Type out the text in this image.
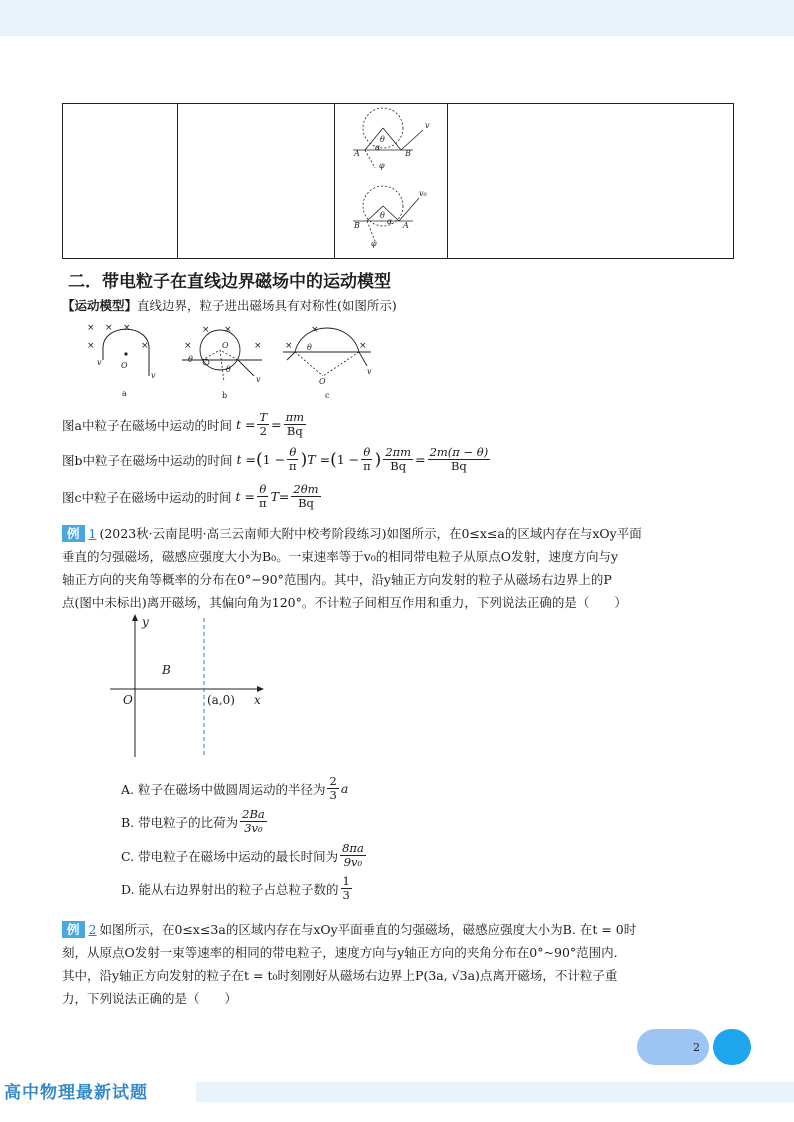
A	B
θ
α
φ
v
θ
B	A
α
φ
v₀
二．带电粒子在直线边界磁场中的运动模型
【运动模型】直线边界，粒子进出磁场具有对称性(如图所示)
× × ×
×	×
O
v
v
a
×	×
× ×
O
θ
θ
v
b
×	×
×
θ
O
v
c
图a中粒子在磁场中运动的时间
t
= $\frac{T}{2} = \frac{\pi m}{Bq}$
图b中粒子在磁场中运动的时间
t
= ( $1 - \frac{\theta}{\pi}$ ) T
= ( $1 - \frac{\theta}{\pi}$ ) $\frac{2\pi m}{Bq} = \frac{2m(\pi - \theta)}{Bq}$
图c中粒子在磁场中运动的时间
t
= $\frac{\theta}{\pi}$ $T = \frac{2\theta m}{Bq}$
例 1 (2023秋·云南昆明·高三云南师大附中校考阶段练习)如图所示，在0≤x≤a的区域内存在与xOy平面
垂直的匀强磁场，磁感应强度大小为B₀。一束速率等于v₀的相同带电粒子从原点O发射，速度方向与y
轴正方向的夹角等概率的分布在0°−90°范围内。其中，沿y轴正方向发射的粒子从磁场右边界上的P
点(图中未标出)离开磁场，其偏向角为120°。不计粒子间相互作用和重力，下列说法正确的是（　　）
y
x
O
B
(a,0)
A. 粒子在磁场中做圆周运动的半径为 $\frac{2}{3}$ a
B. 带电粒子的比荷为 $\frac{2Ba}{\text{3v₀}}$
C. 带电粒子在磁场中运动的最长时间为 $\frac{8\pi a}{\text{9v₀}}$
D. 能从右边界射出的粒子占总粒子数的 $\frac{1}{3}$
例 2 如图所示，在0≤x≤3a的区域内存在与xOy平面垂直的匀强磁场，磁感应强度大小为B. 在t = 0时
刻，从原点O发射一束等速率的相同的带电粒子，速度方向与y轴正方向的夹角分布在0°~90°范围内.
其中，沿y轴正方向发射的粒子在t = t₀时刻刚好从磁场右边界上P(3a, √3a)点离开磁场，不计粒子重
力，下列说法正确的是（　　）
2
高中物理最新试题
